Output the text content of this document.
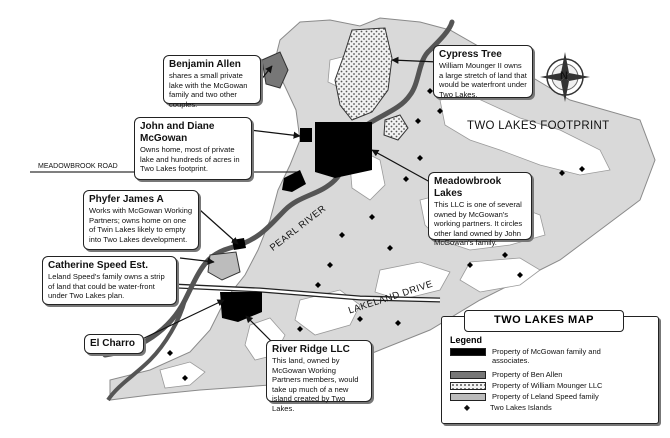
MEADOWBROOK ROAD
TWO LAKES FOOTPRINT
PEARL RIVER
LAKELAND DRIVE
N
Benjamin Allen
shares a small private lake with the McGowan family and two other couples.
John and Diane McGowan
Owns home, most of private lake and hundreds of acres in Two Lakes footprint.
Phyfer James A
Works with McGowan Working Partners; owns home on one of Twin Lakes likely to empty into Two Lakes development.
Catherine Speed Est.
Leland Speed's family owns a strip of land that could be water-front under Two Lakes plan.
El Charro
Cypress Tree
William Mounger II owns a large stretch of land that would be waterfront under Two Lakes.
Meadowbrook Lakes
This LLC is one of several owned by McGowan's working partners. It circles other land owned by John McGowan's family.
River Ridge LLC
This land, owned by McGowan Working Partners members, would take up much of a new island created by Two Lakes.
TWO LAKES MAP
Legend
Property of McGowan family and associates.
Property of Ben Allen
Property of William Mounger LLC
Property of Leland Speed family
◆	Two Lakes Islands
